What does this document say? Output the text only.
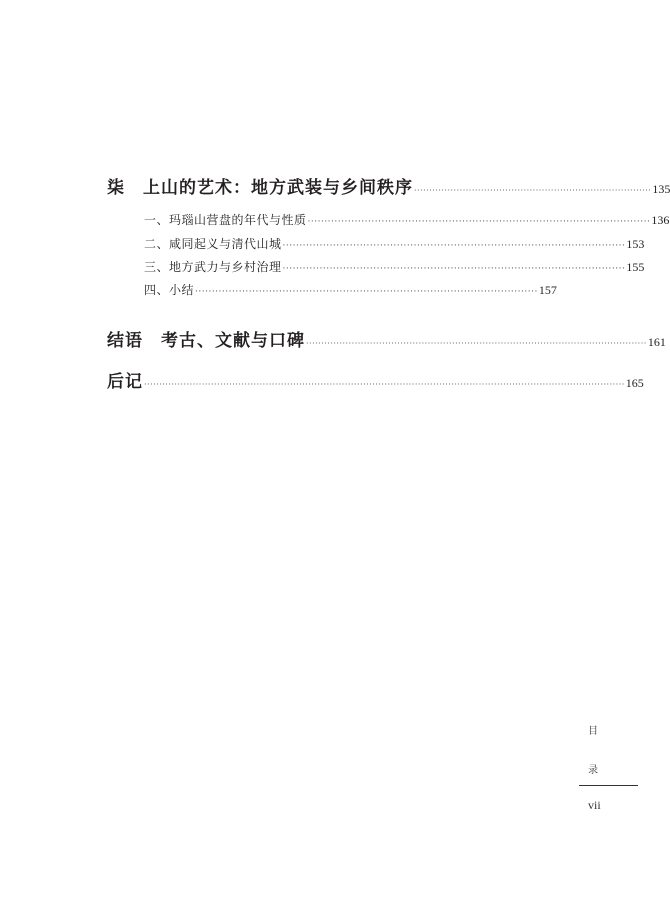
柒　上山的艺术：地方武装与乡间秩序 ·············································································· 135
一、玛瑙山营盘的年代与性质 ······································································································ 136
二、咸同起义与清代山城 ······································································································ 153
三、地方武力与乡村治理 ······································································································ 155
四、小结 ······································································································ 157
结语　考古、文献与口碑 ················································································································ 161
后记 ······························································································································································ 165
目
录
vii
